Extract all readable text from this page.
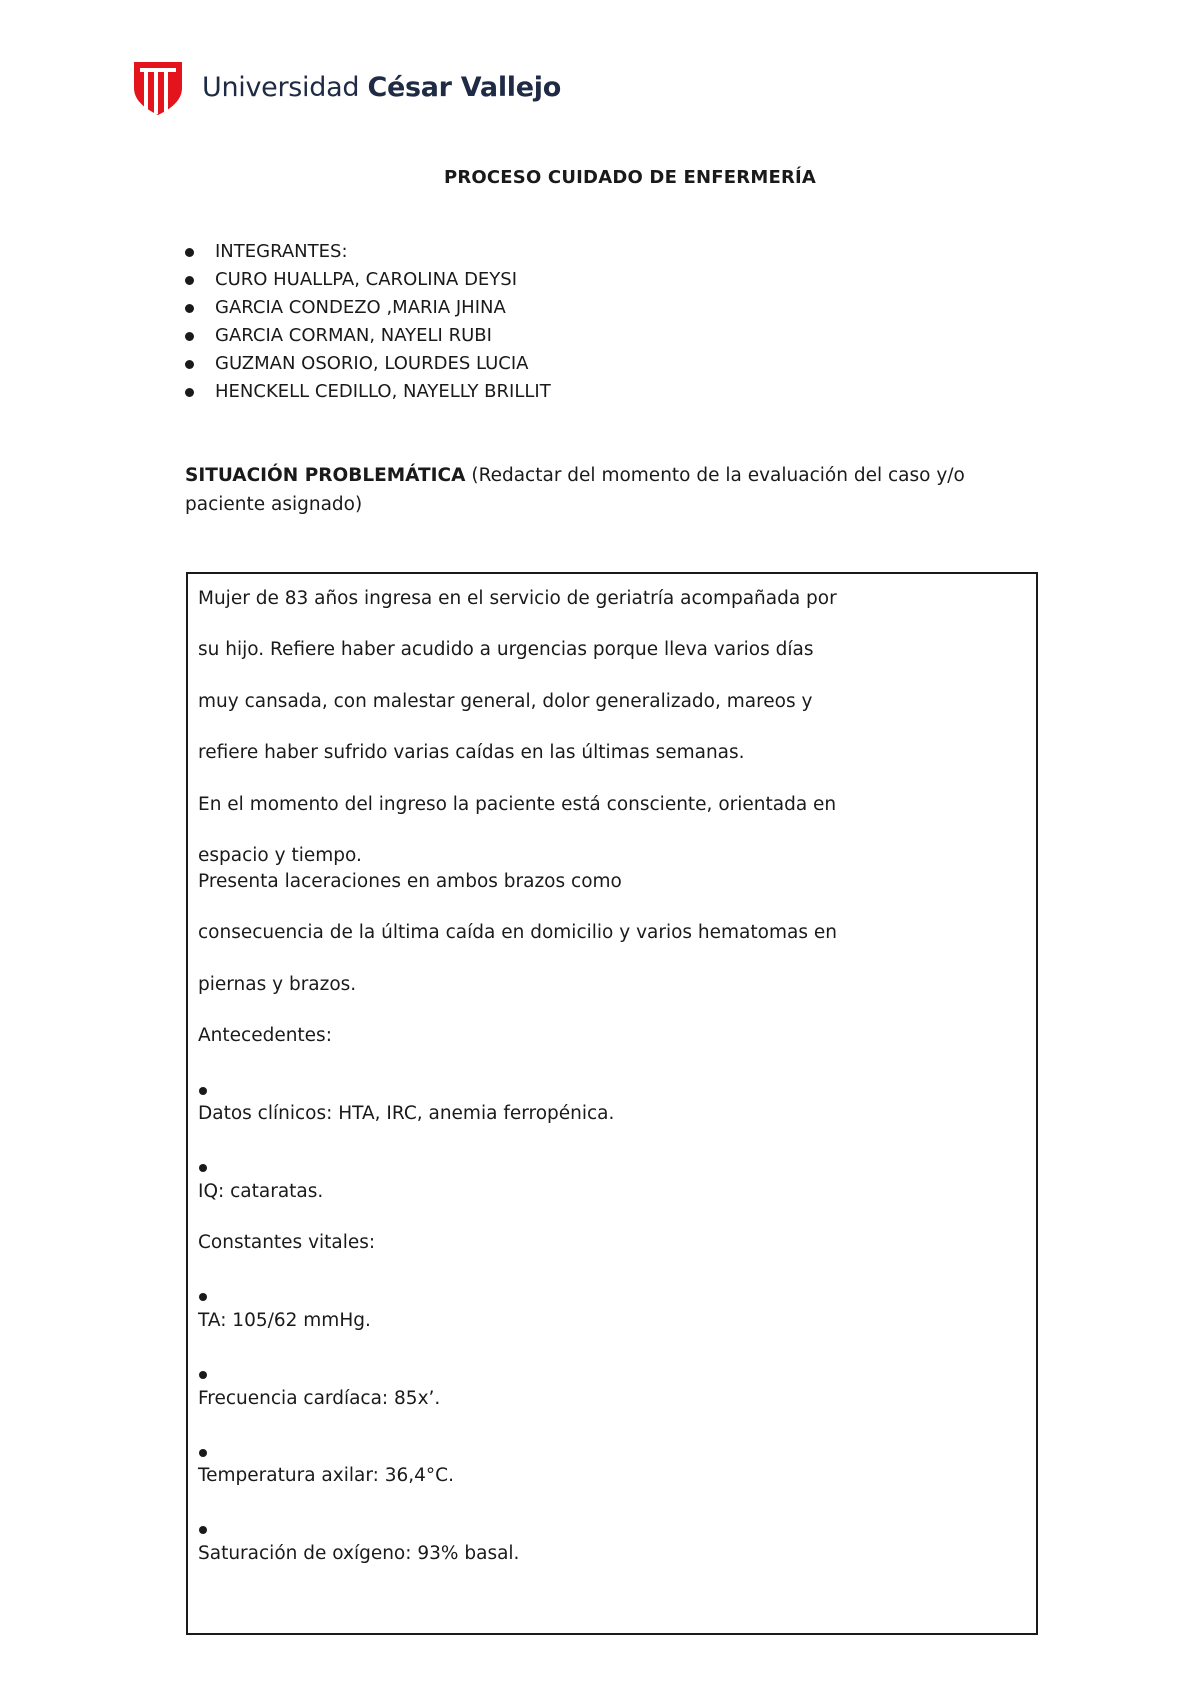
Universidad César Vallejo
PROCESO CUIDADO DE ENFERMERÍA
INTEGRANTES:
CURO HUALLPA, CAROLINA DEYSI
GARCIA CONDEZO ,MARIA JHINA
GARCIA CORMAN, NAYELI RUBI
GUZMAN OSORIO, LOURDES LUCIA
HENCKELL CEDILLO, NAYELLY BRILLIT
SITUACIÓN PROBLEMÁTICA (Redactar del momento de la evaluación del caso y/o paciente asignado)
Mujer de 83 años ingresa en el servicio de geriatría acompañada por
su hijo. Refiere haber acudido a urgencias porque lleva varios días
muy cansada, con malestar general, dolor generalizado, mareos y
refiere haber sufrido varias caídas en las últimas semanas.
En el momento del ingreso la paciente está consciente, orientada en
espacio y tiempo.
Presenta laceraciones en ambos brazos como
consecuencia de la última caída en domicilio y varios hematomas en
piernas y brazos.
Antecedentes:
Datos clínicos: HTA, IRC, anemia ferropénica.
IQ: cataratas.
Constantes vitales:
TA: 105/62 mmHg.
Frecuencia cardíaca: 85x’.
Temperatura axilar: 36,4°C.
Saturación de oxígeno: 93% basal.
